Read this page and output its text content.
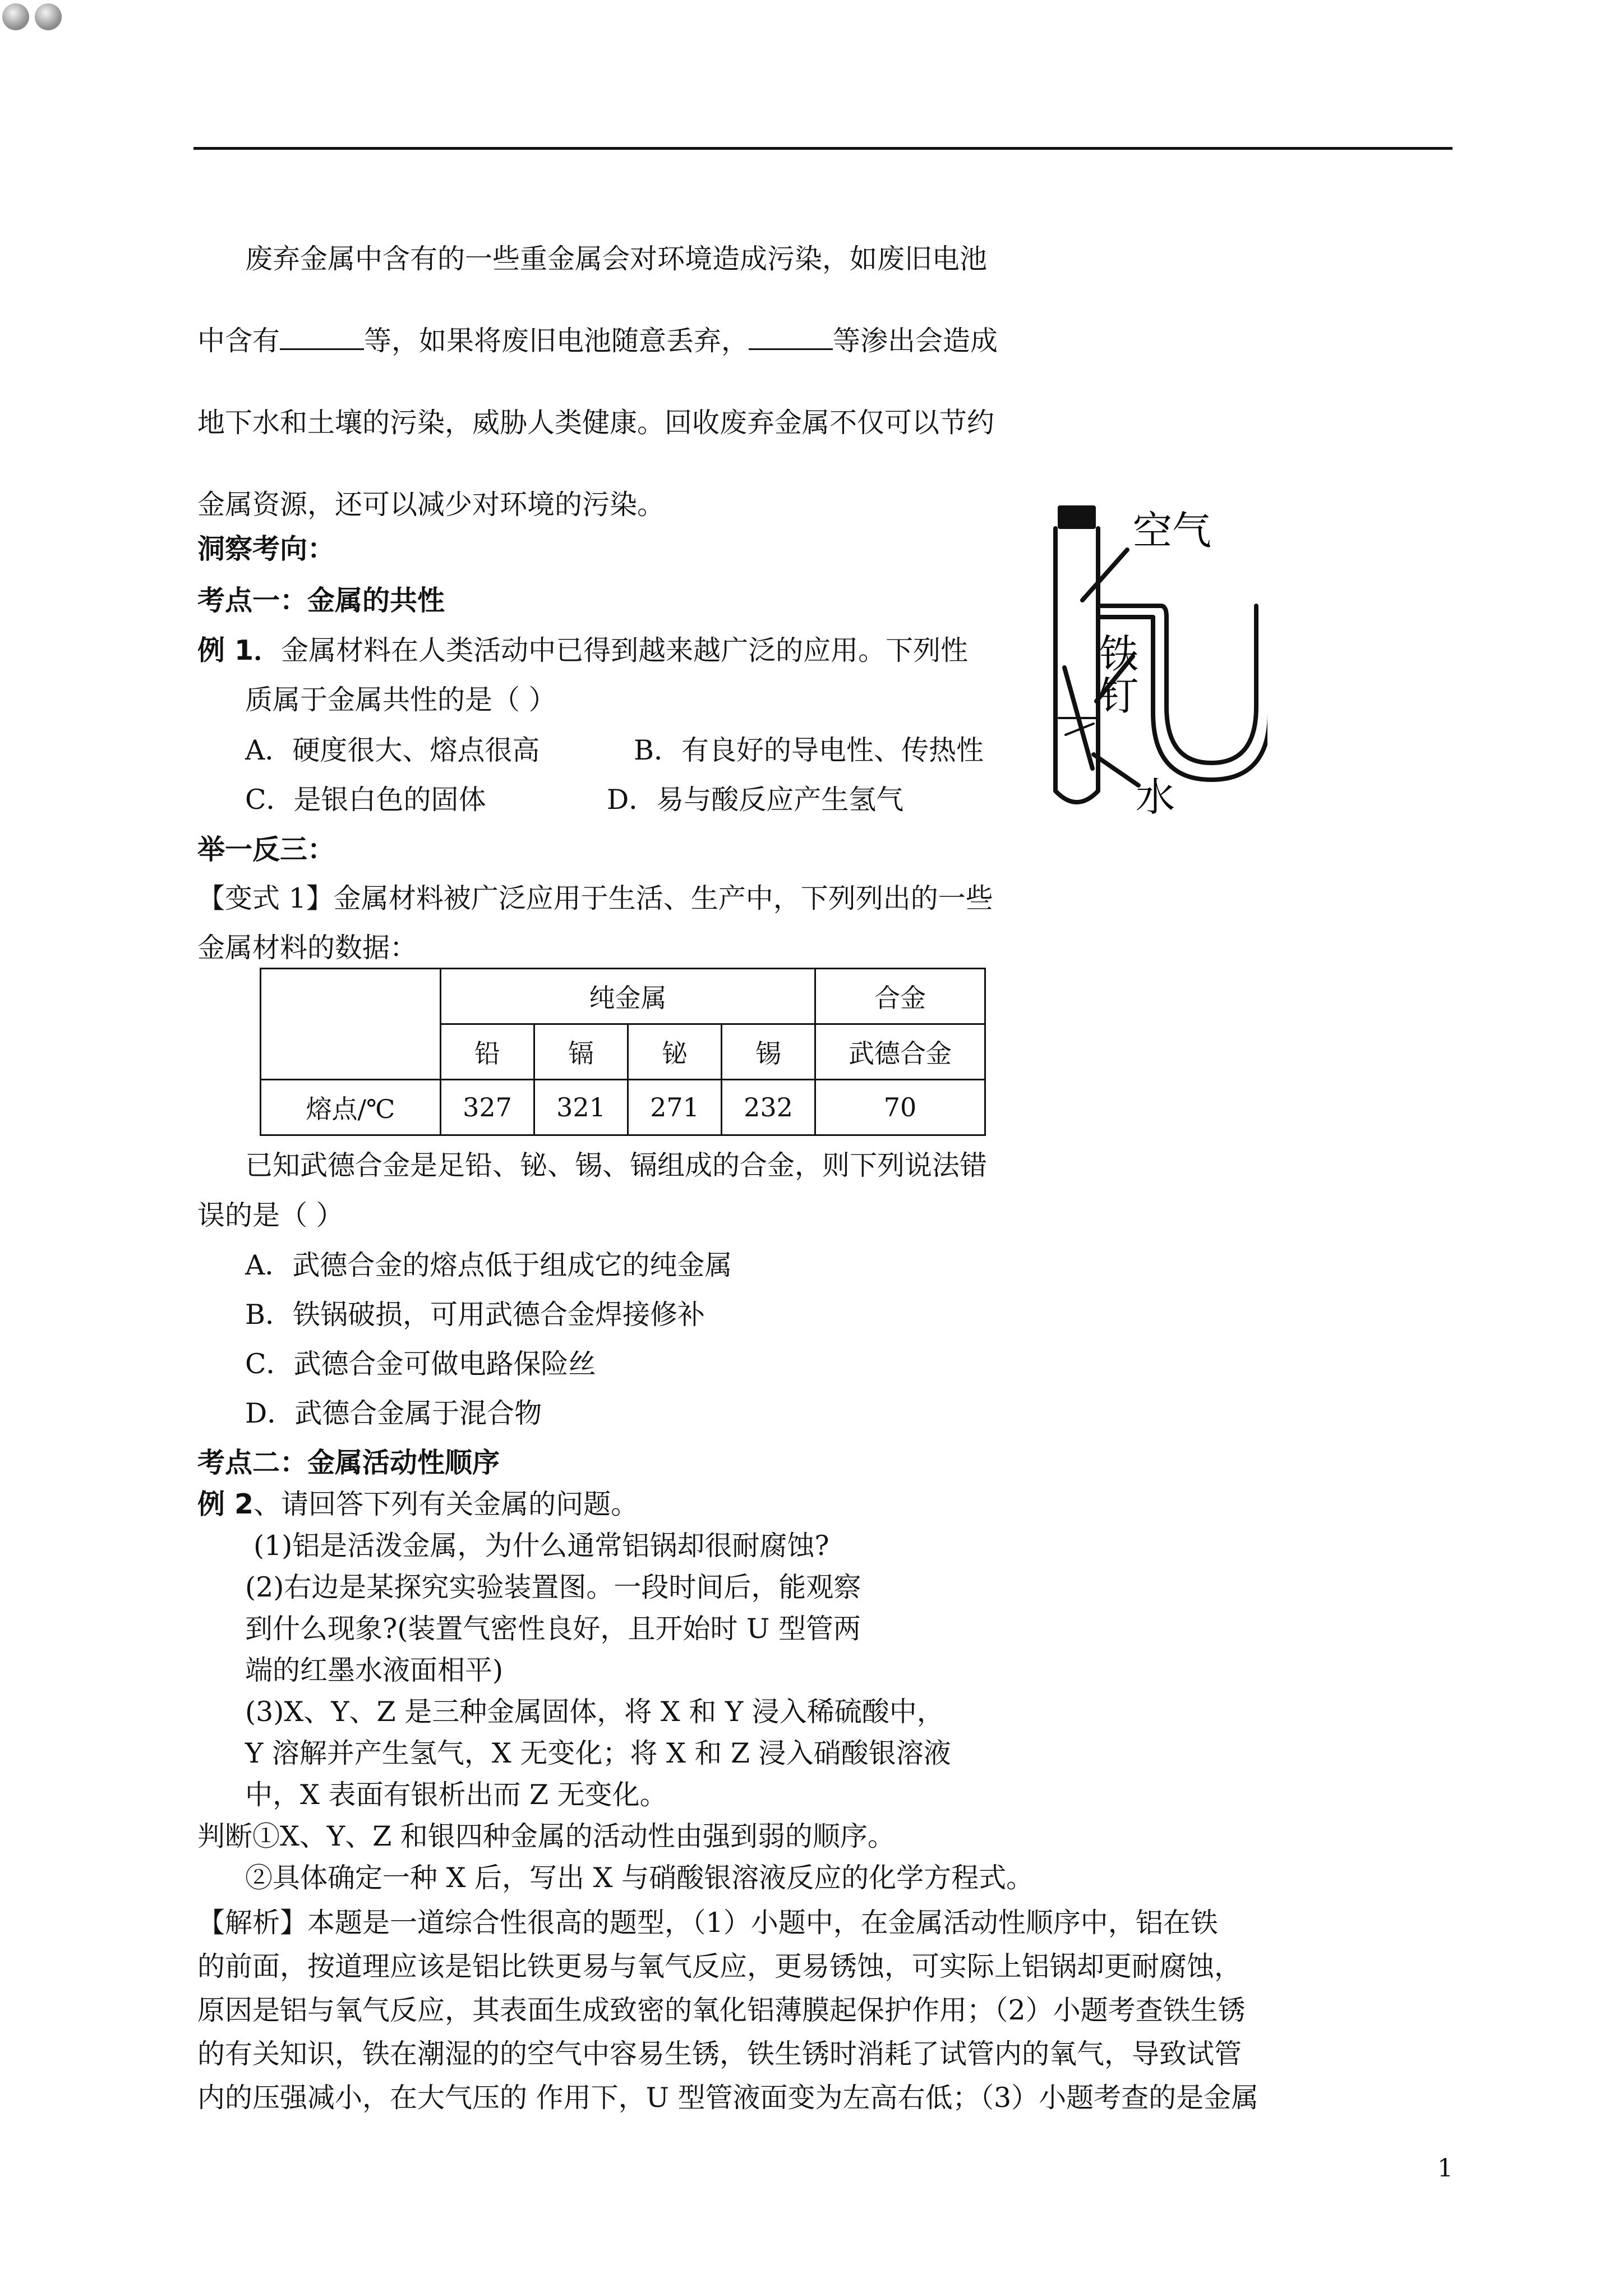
废弃金属中含有的一些重金属会对环境造成污染，如废旧电池
中含有	等，如果将废旧电池随意丢弃，	等渗出会造成
地下水和土壤的污染，威胁人类健康。回收废弃金属不仅可以节约
金属资源，还可以减少对环境的污染。
洞察考向：
考点一：金属的共性
例 1．金属材料在人类活动中已得到越来越广泛的应用。下列性
质属于金属共性的是（ ）
A．硬度很大、熔点很高	B．有良好的导电性、传热性
C．是银白色的固体	D．易与酸反应产生氢气
举一反三：
【变式 1】金属材料被广泛应用于生活、生产中，下列列出的一些
金属材料的数据：
	纯金属				合金
	铅	镉	铋	锡	武德合金
熔点/℃	327	321	271	232	70
已知武德合金是足铅、铋、锡、镉组成的合金，则下列说法错
误的是（ ）
A．武德合金的熔点低于组成它的纯金属
B．铁锅破损，可用武德合金焊接修补
C．武德合金可做电路保险丝
D．武德合金属于混合物
考点二：金属活动性顺序
例 2、请回答下列有关金属的问题。
(1)铝是活泼金属，为什么通常铝锅却很耐腐蚀?
(2)右边是某探究实验装置图。一段时间后，能观察
到什么现象?(装置气密性良好，且开始时 U 型管两
端的红墨水液面相平)
(3)X、Y、Z 是三种金属固体，将 X 和 Y 浸入稀硫酸中，
Y 溶解并产生氢气，X 无变化；将 X 和 Z 浸入硝酸银溶液
中，X 表面有银析出而 Z 无变化。
判断①X、Y、Z 和银四种金属的活动性由强到弱的顺序。
②具体确定一种 X 后，写出 X 与硝酸银溶液反应的化学方程式。
【解析】本题是一道综合性很高的题型，（1）小题中，在金属活动性顺序中，铝在铁
的前面，按道理应该是铝比铁更易与氧气反应，更易锈蚀，可实际上铝锅却更耐腐蚀，
原因是铝与氧气反应，其表面生成致密的氧化铝薄膜起保护作用；（2）小题考查铁生锈
的有关知识，铁在潮湿的的空气中容易生锈，铁生锈时消耗了试管内的氧气，导致试管
内的压强减小，在大气压的 作用下，U 型管液面变为左高右低；（3）小题考查的是金属
1
空气
铁
钉
水
